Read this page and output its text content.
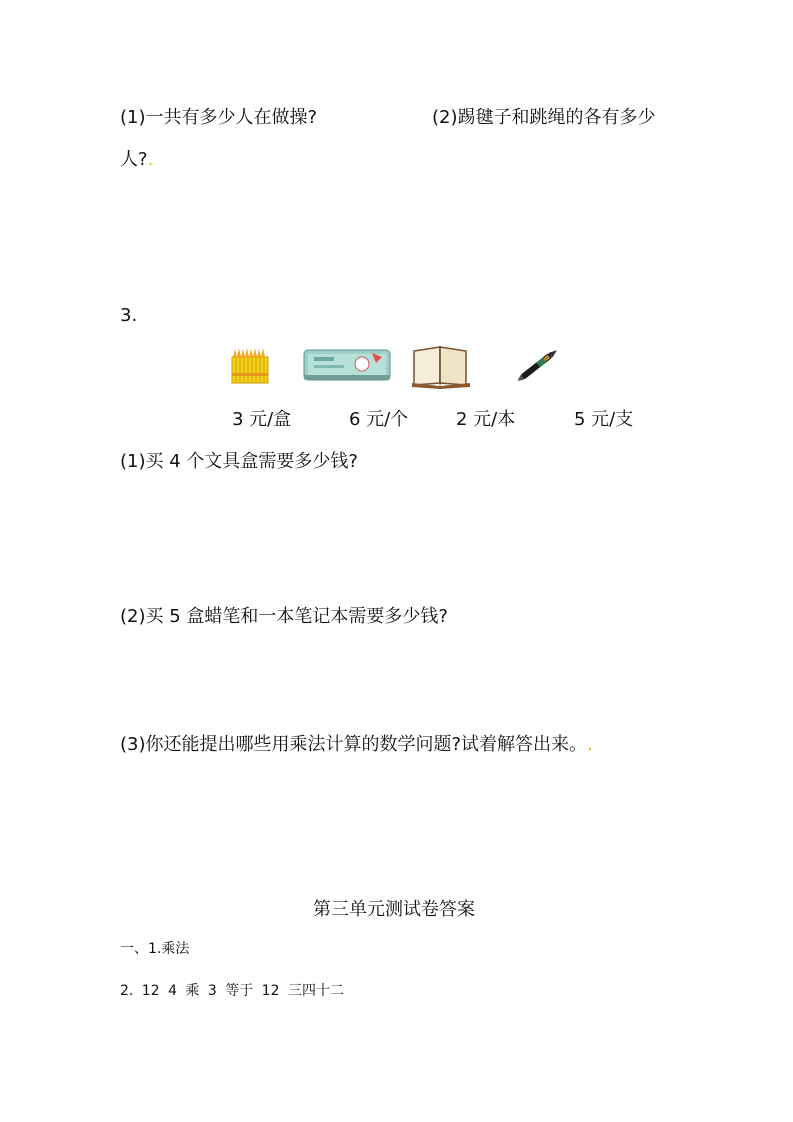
(1)一共有多少人在做操?	(2)踢毽子和跳绳的各有多少
人?.
3.
3 元/盒	6 元/个	2 元/本	5 元/支
(1)买 4 个文具盒需要多少钱?
(2)买 5 盒蜡笔和一本笔记本需要多少钱?
(3)你还能提出哪些用乘法计算的数学问题?试着解答出来。.
第三单元测试卷答案
一、1.乘法
2. 12 4 乘 3 等于 12 三四十二
